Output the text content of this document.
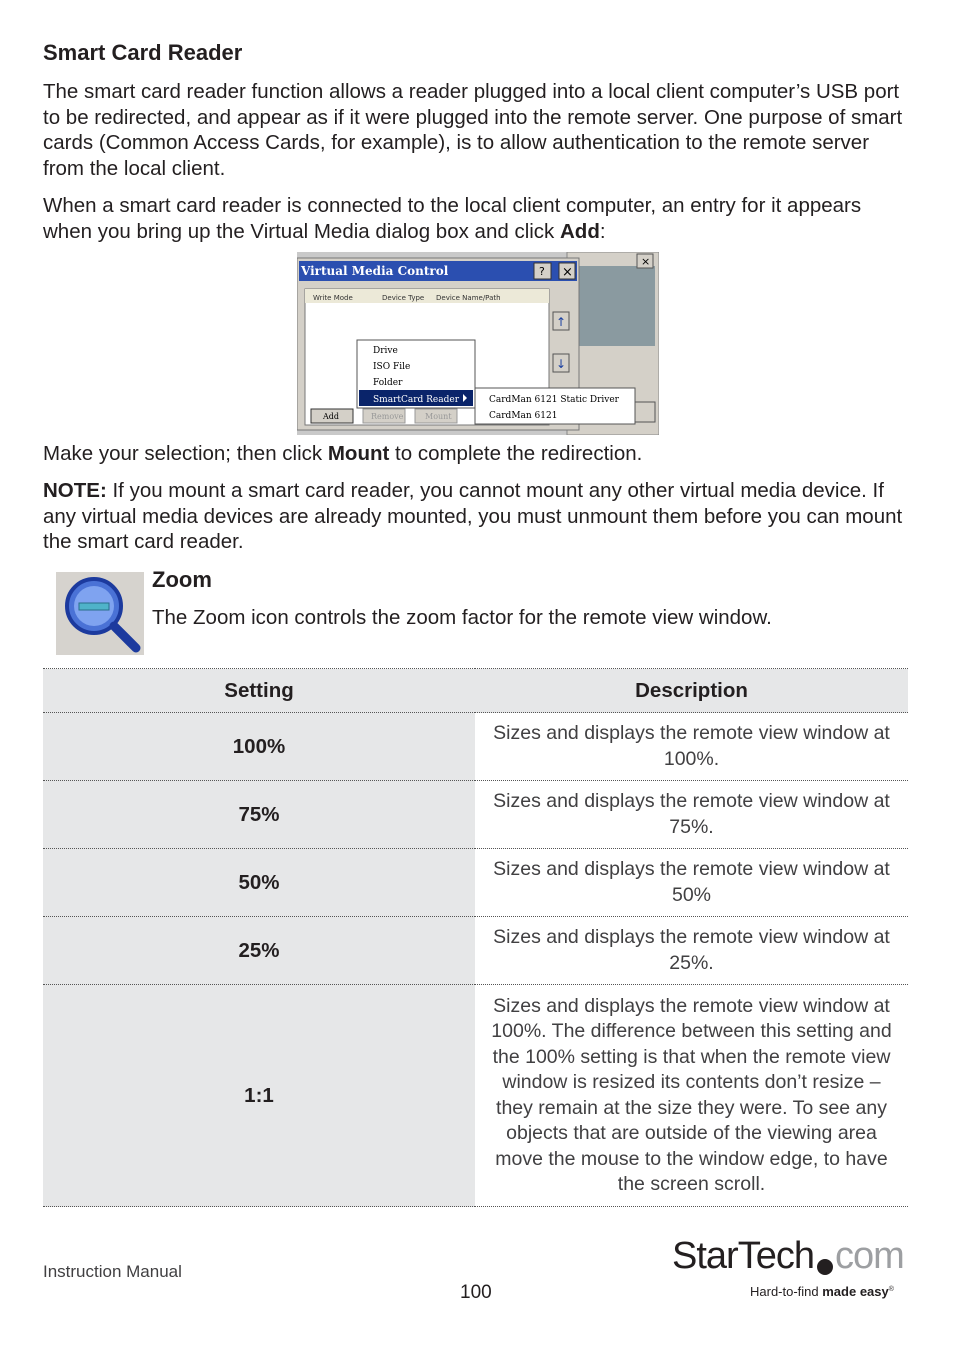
Smart Card Reader

The smart card reader function allows a reader plugged into a local client computer’s USB port to be redirected, and appear as if it were plugged into the remote server. One purpose of smart cards (Common Access Cards, for example), is to allow authentication to the remote server from the local client.

When a smart card reader is connected to the local client computer, an entry for it appears when you bring up the Virtual Media dialog box and click Add:

×
Virtual Media Control	? ×
Write Mode	Device Type Device Name/Path
↑
↓
Add	Remove	Mount
Drive
ISO File
Folder
SmartCard Reader	CardMan 6121 Static Driver
CardMan 6121

Make your selection; then click Mount to complete the redirection.

NOTE: If you mount a smart card reader, you cannot mount any other virtual media device. If any virtual media devices are already mounted, you must unmount them before you can mount the smart card reader.

Zoom

The Zoom icon controls the zoom factor for the remote view window.

Setting	Description
100%	Sizes and displays the remote view window at 100%.
75%	Sizes and displays the remote view window at 75%.
50%	Sizes and displays the remote view window at 50%
25%	Sizes and displays the remote view window at 25%.
1:1	Sizes and displays the remote view window at 100%. The difference between this setting and the 100% setting is that when the remote view window is resized its contents don’t resize – they remain at the size they were. To see any objects that are outside of the viewing area move the mouse to the window edge, to have the screen scroll.
Instruction Manual
100
StarTech com
Hard-to-find made easy®
